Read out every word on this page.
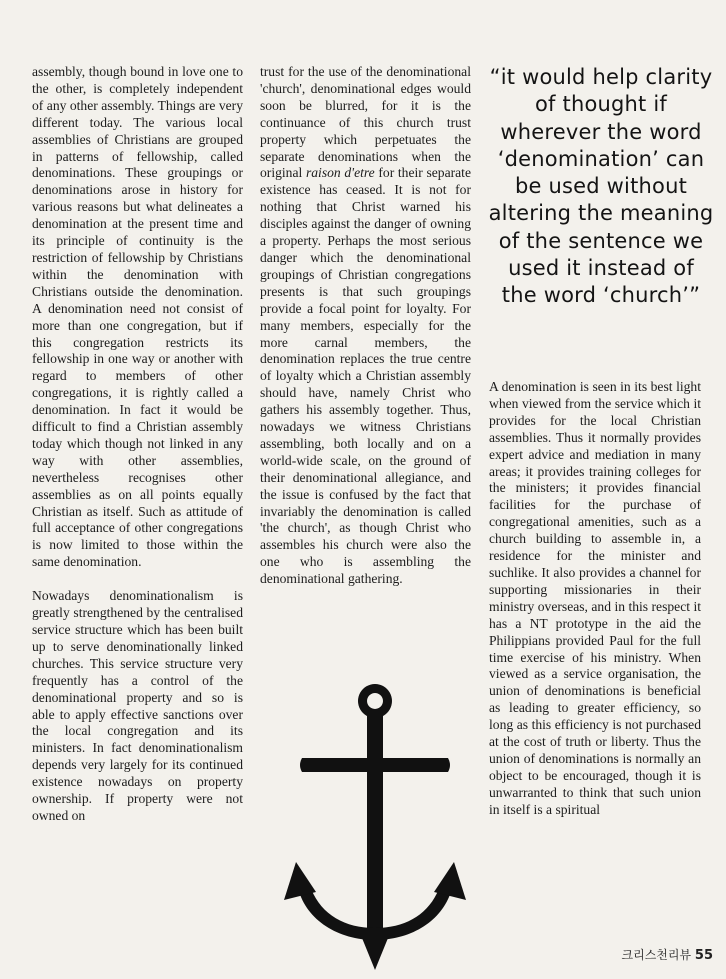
assembly, though bound in love one to the other, is completely independent of any other assembly. Things are very different today. The various local assemblies of Christians are grouped in patterns of fellowship, called denominations. These groupings or denominations arose in history for various reasons but what delineates a denomination at the present time and its principle of continuity is the restriction of fellowship by Christians within the denomination with Christians outside the denomination. A denomination need not consist of more than one congregation, but if this congregation restricts its fellowship in one way or another with regard to members of other congregations, it is rightly called a denomination. In fact it would be difficult to find a Christian assembly today which though not linked in any way with other assemblies, nevertheless recognises other assemblies as on all points equally Christian as itself. Such as attitude of full acceptance of other congregations is now limited to those within the same denomination.

Nowadays denominationalism is greatly strengthened by the centralised service structure which has been built up to serve denominationally linked churches. This service structure very frequently has a control of the denominational property and so is able to apply effective sanctions over the local congregation and its ministers. In fact denominationalism depends very largely for its continued existence nowadays on property ownership. If property were not owned on

trust for the use of the denominational 'church', denominational edges would soon be blurred, for it is the continuance of this church trust property which perpetuates the separate denominations when the original raison d'etre for their separate existence has ceased. It is not for nothing that Christ warned his disciples against the danger of owning a property. Perhaps the most serious danger which the denominational groupings of Christian congregations presents is that such groupings provide a focal point for loyalty. For many members, especially for the more carnal members, the denomination replaces the true centre of loyalty which a Christian assembly should have, namely Christ who gathers his assembly together. Thus, nowadays we witness Christians assembling, both locally and on a world-wide scale, on the ground of their denominational allegiance, and the issue is confused by the fact that invariably the denomination is called 'the church', as though Christ who assembles his church were also the one who is assembling the denominational gathering.

“it would help clarity of thought if wherever the word ‘denomination’ can be used without altering the meaning of the sentence we used it instead of the word ‘church’”

A denomination is seen in its best light when viewed from the service which it provides for the local Christian assemblies. Thus it normally provides expert advice and mediation in many areas; it provides training colleges for the ministers; it provides financial facilities for the purchase of congregational amenities, such as a church building to assemble in, a residence for the minister and suchlike. It also provides a channel for supporting missionaries in their ministry overseas, and in this respect it has a NT prototype in the aid the Philippians provided Paul for the full time exercise of his ministry. When viewed as a service organisation, the union of denominations is beneficial as leading to greater efficiency, so long as this efficiency is not purchased at the cost of truth or liberty. Thus the union of denominations is normally an object to be encouraged, though it is unwarranted to think that such union in itself is a spiritual

크리스천리뷰 55
